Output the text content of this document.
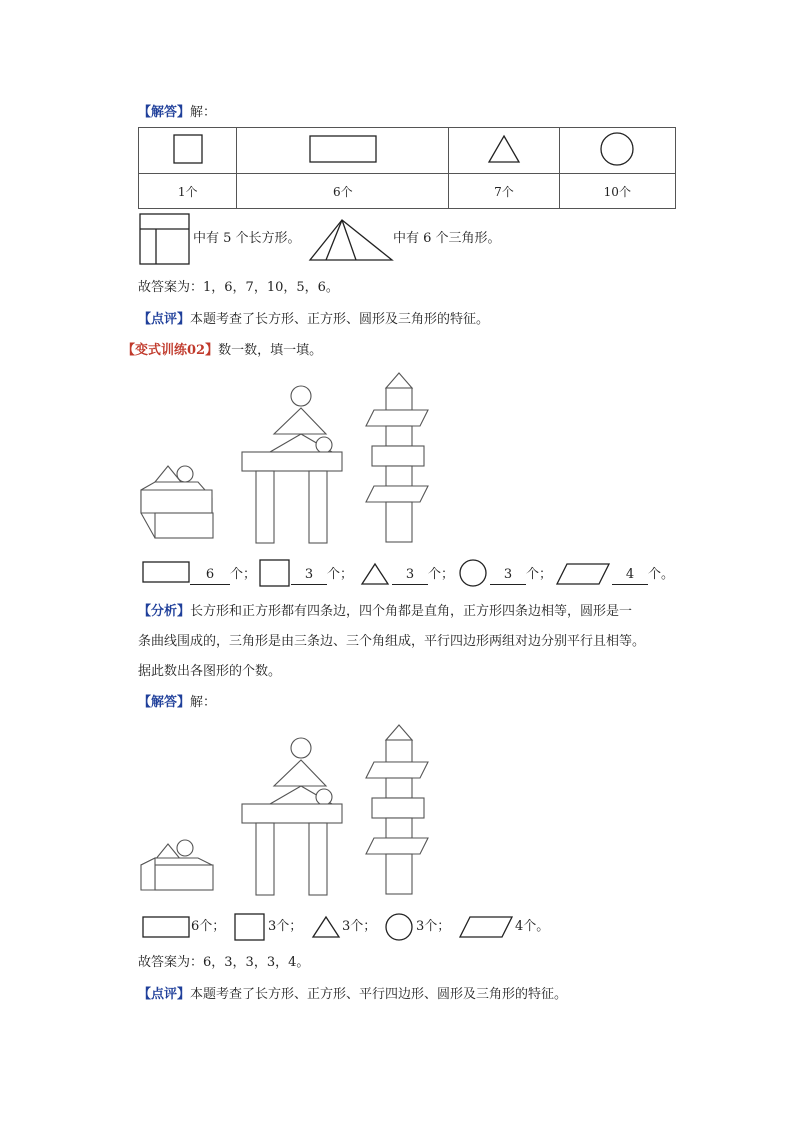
【解答】解：

1个	6个	7个	10个
中有 5 个长方形。	中有 6 个三角形。
故答案为：1，6，7，10，5，6。
【点评】本题考查了长方形、正方形、圆形及三角形的特征。
【变式训练02】数一数，填一填。
6 个；	3 个；	3 个；	3 个；	4 个。
【分析】长方形和正方形都有四条边，四个角都是直角，正方形四条边相等，圆形是一
条曲线围成的，三角形是由三条边、三个角组成，平行四边形两组对边分别平行且相等。
据此数出各图形的个数。
【解答】解：
6个；	3个；	3个；	3个；	4个。
故答案为：6，3，3，3，4。
【点评】本题考查了长方形、正方形、平行四边形、圆形及三角形的特征。
